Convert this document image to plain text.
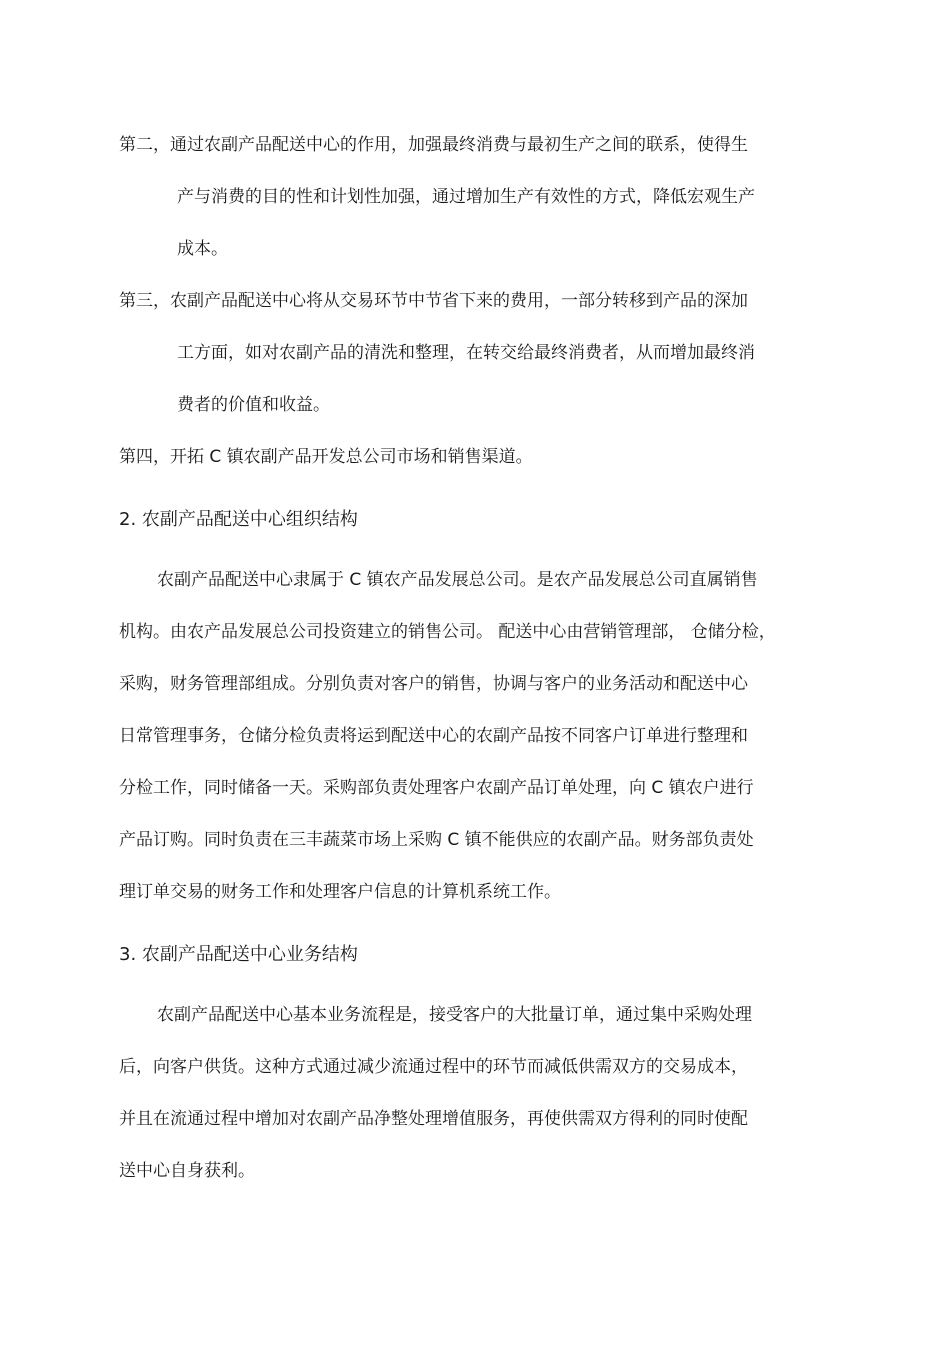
第二，通过农副产品配送中心的作用，加强最终消费与最初生产之间的联系，使得生
产与消费的目的性和计划性加强，通过增加生产有效性的方式，降低宏观生产
成本。
第三，农副产品配送中心将从交易环节中节省下来的费用，一部分转移到产品的深加
工方面，如对农副产品的清洗和整理，在转交给最终消费者，从而增加最终消
费者的价值和收益。
第四，开拓 C 镇农副产品开发总公司市场和销售渠道。
2. 农副产品配送中心组织结构
农副产品配送中心隶属于 C 镇农产品发展总公司。是农产品发展总公司直属销售
机构。由农产品发展总公司投资建立的销售公司。 配送中心由营销管理部， 仓储分检，
采购，财务管理部组成。分别负责对客户的销售，协调与客户的业务活动和配送中心
日常管理事务，仓储分检负责将运到配送中心的农副产品按不同客户订单进行整理和
分检工作，同时储备一天。采购部负责处理客户农副产品订单处理，向 C 镇农户进行
产品订购。同时负责在三丰蔬菜市场上采购 C 镇不能供应的农副产品。财务部负责处
理订单交易的财务工作和处理客户信息的计算机系统工作。
3. 农副产品配送中心业务结构
农副产品配送中心基本业务流程是，接受客户的大批量订单，通过集中采购处理
后，向客户供货。这种方式通过减少流通过程中的环节而减低供需双方的交易成本，
并且在流通过程中增加对农副产品净整处理增值服务，再使供需双方得利的同时使配
送中心自身获利。
